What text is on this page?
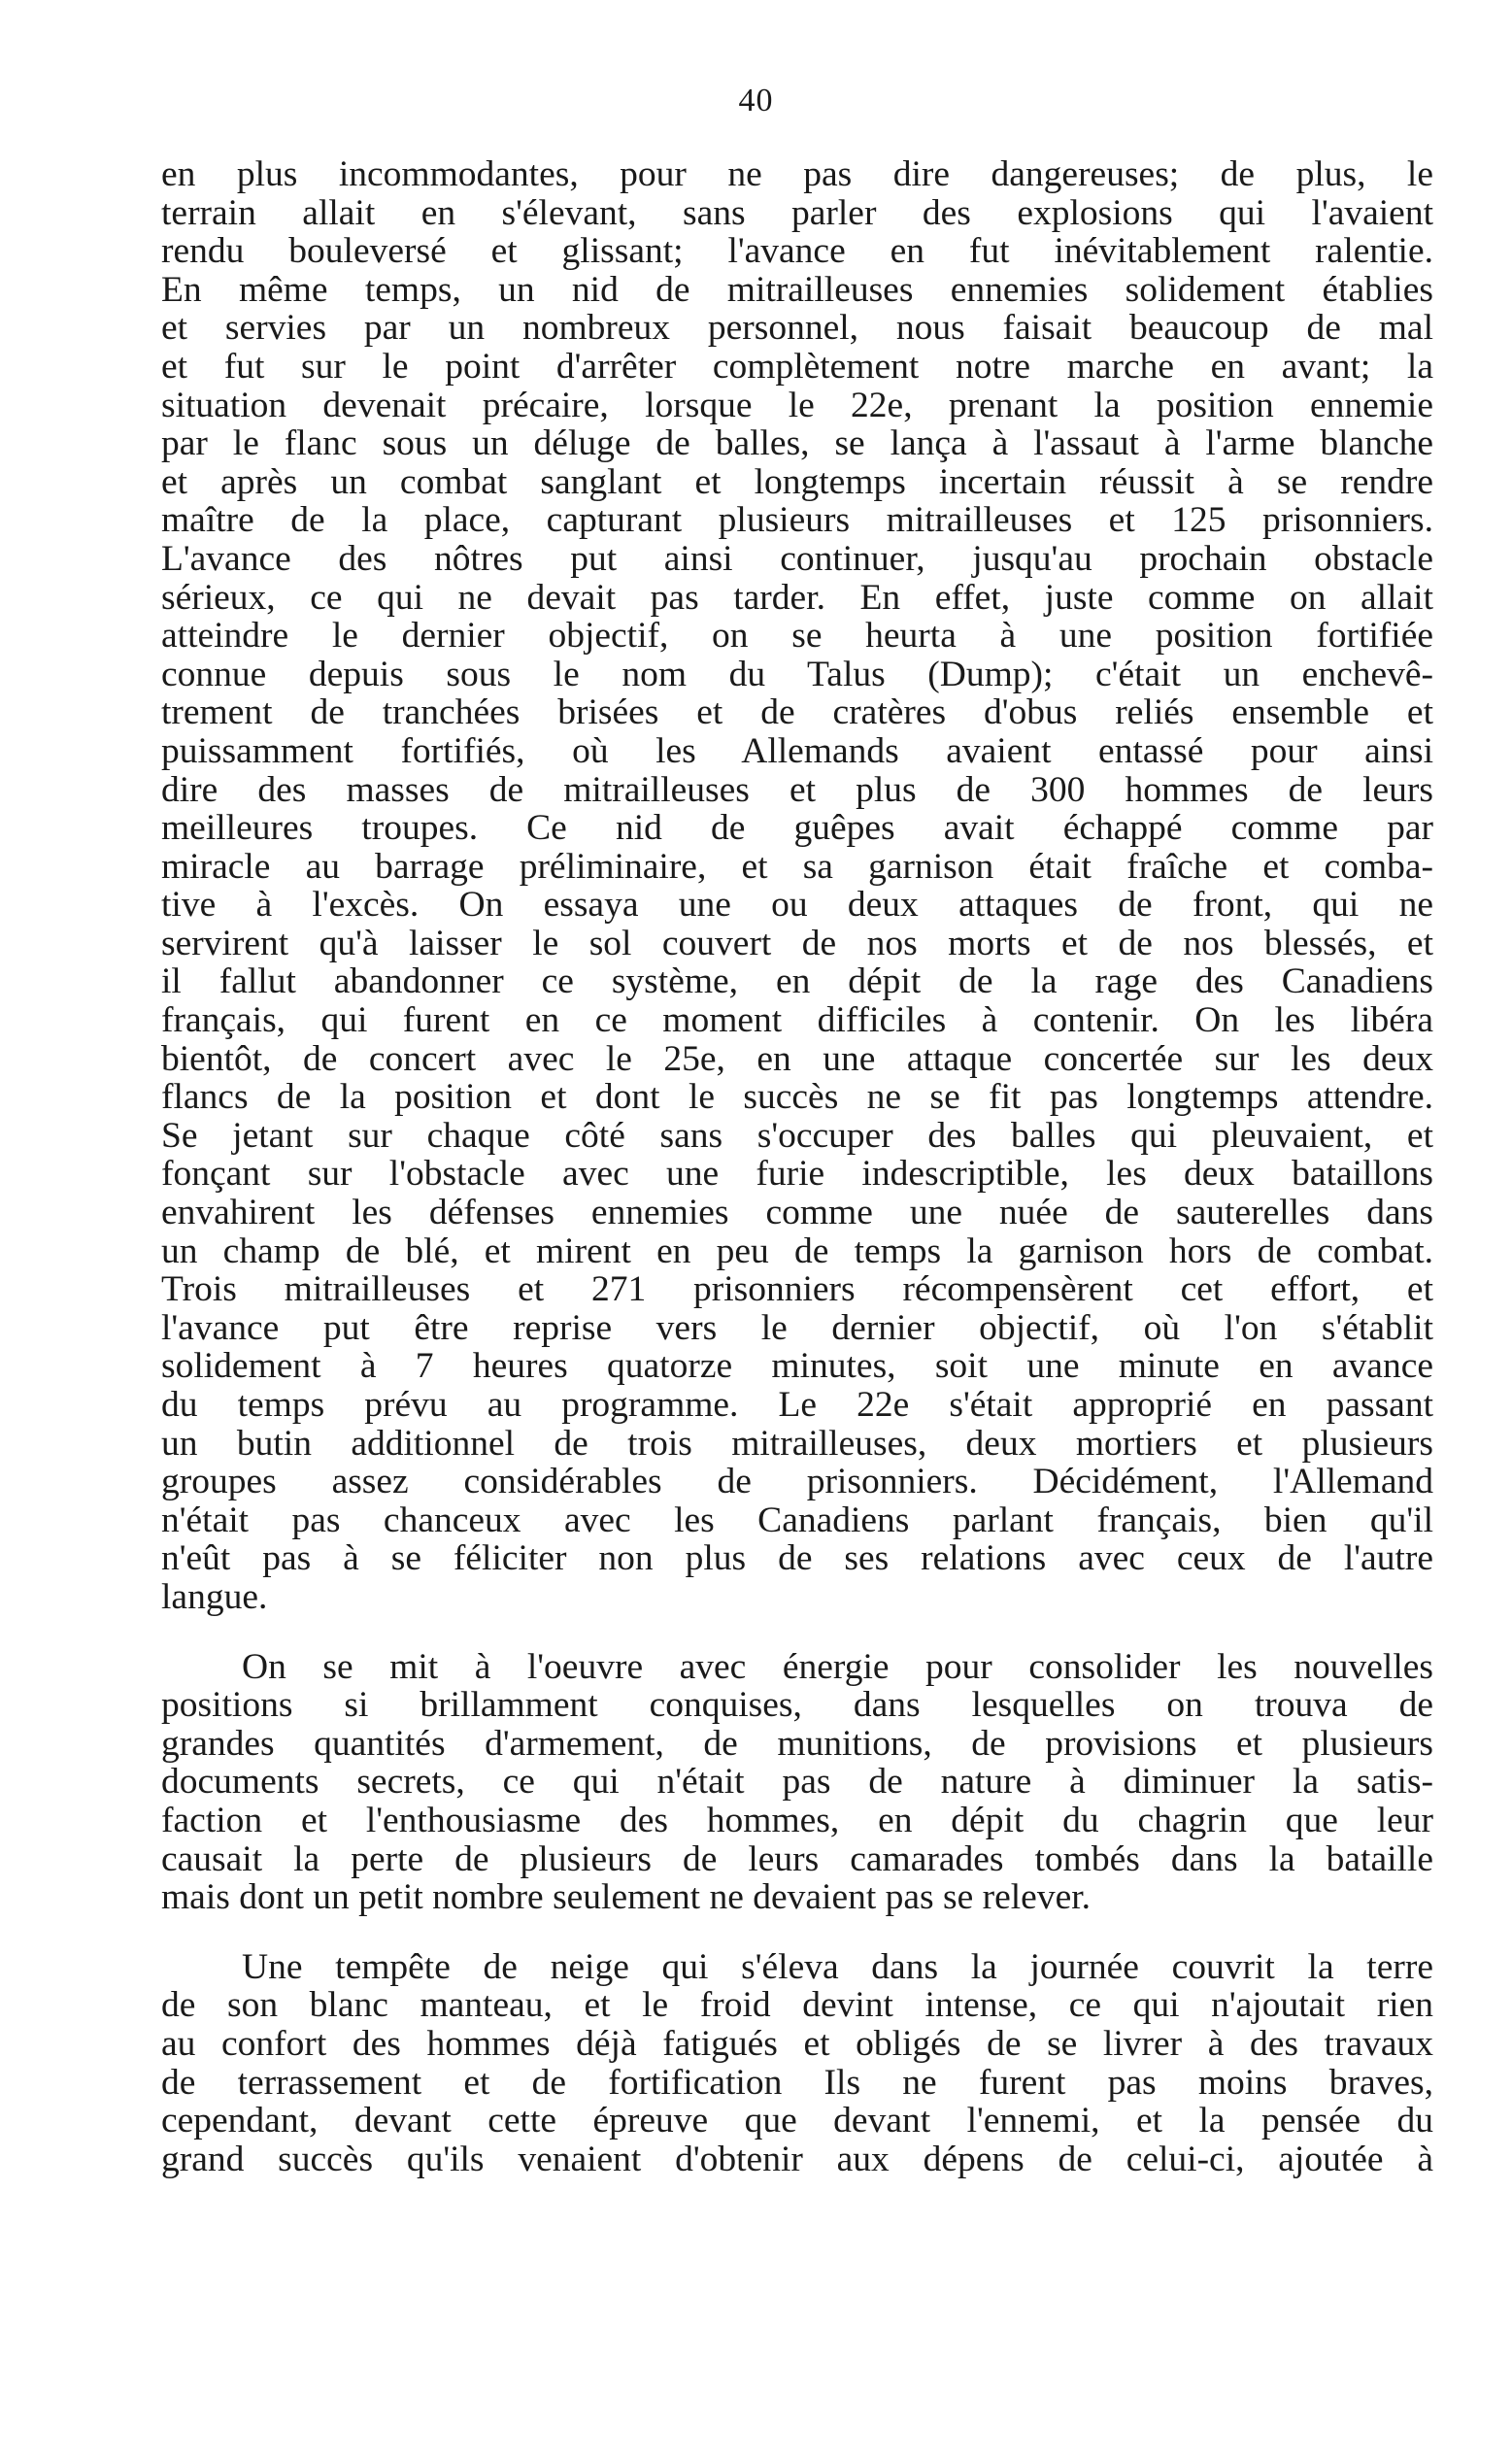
40
en plus incommodantes, pour ne pas dire dangereuses; de plus, le
terrain allait en s'élevant, sans parler des explosions qui l'avaient
rendu bouleversé et glissant; l'avance en fut inévitablement ralentie.
En même temps, un nid de mitrailleuses ennemies solidement établies
et servies par un nombreux personnel, nous faisait beaucoup de mal
et fut sur le point d'arrêter complètement notre marche en avant; la
situation devenait précaire, lorsque le 22e, prenant la position ennemie
par le flanc sous un déluge de balles, se lança à l'assaut à l'arme blanche
et après un combat sanglant et longtemps incertain réussit à se rendre
maître de la place, capturant plusieurs mitrailleuses et 125 prisonniers.
L'avance des nôtres put ainsi continuer, jusqu'au prochain obstacle
sérieux, ce qui ne devait pas tarder. En effet, juste comme on allait
atteindre le dernier objectif, on se heurta à une position fortifiée
connue depuis sous le nom du Talus (Dump); c'était un enchevê-
trement de tranchées brisées et de cratères d'obus reliés ensemble et
puissamment fortifiés, où les Allemands avaient entassé pour ainsi
dire des masses de mitrailleuses et plus de 300 hommes de leurs
meilleures troupes. Ce nid de guêpes avait échappé comme par
miracle au barrage préliminaire, et sa garnison était fraîche et comba-
tive à l'excès. On essaya une ou deux attaques de front, qui ne
servirent qu'à laisser le sol couvert de nos morts et de nos blessés, et
il fallut abandonner ce système, en dépit de la rage des Canadiens
français, qui furent en ce moment difficiles à contenir. On les libéra
bientôt, de concert avec le 25e, en une attaque concertée sur les deux
flancs de la position et dont le succès ne se fit pas longtemps attendre.
Se jetant sur chaque côté sans s'occuper des balles qui pleuvaient, et
fonçant sur l'obstacle avec une furie indescriptible, les deux bataillons
envahirent les défenses ennemies comme une nuée de sauterelles dans
un champ de blé, et mirent en peu de temps la garnison hors de combat.
Trois mitrailleuses et 271 prisonniers récompensèrent cet effort, et
l'avance put être reprise vers le dernier objectif, où l'on s'établit
solidement à 7 heures quatorze minutes, soit une minute en avance
du temps prévu au programme. Le 22e s'était approprié en passant
un butin additionnel de trois mitrailleuses, deux mortiers et plusieurs
groupes assez considérables de prisonniers. Décidément, l'Allemand
n'était pas chanceux avec les Canadiens parlant français, bien qu'il
n'eût pas à se féliciter non plus de ses relations avec ceux de l'autre
langue.
On se mit à l'oeuvre avec énergie pour consolider les nouvelles
positions si brillamment conquises, dans lesquelles on trouva de
grandes quantités d'armement, de munitions, de provisions et plusieurs
documents secrets, ce qui n'était pas de nature à diminuer la satis-
faction et l'enthousiasme des hommes, en dépit du chagrin que leur
causait la perte de plusieurs de leurs camarades tombés dans la bataille
mais dont un petit nombre seulement ne devaient pas se relever.
Une tempête de neige qui s'éleva dans la journée couvrit la terre
de son blanc manteau, et le froid devint intense, ce qui n'ajoutait rien
au confort des hommes déjà fatigués et obligés de se livrer à des travaux
de terrassement et de fortification Ils ne furent pas moins braves,
cependant, devant cette épreuve que devant l'ennemi, et la pensée du
grand succès qu'ils venaient d'obtenir aux dépens de celui-ci, ajoutée à
